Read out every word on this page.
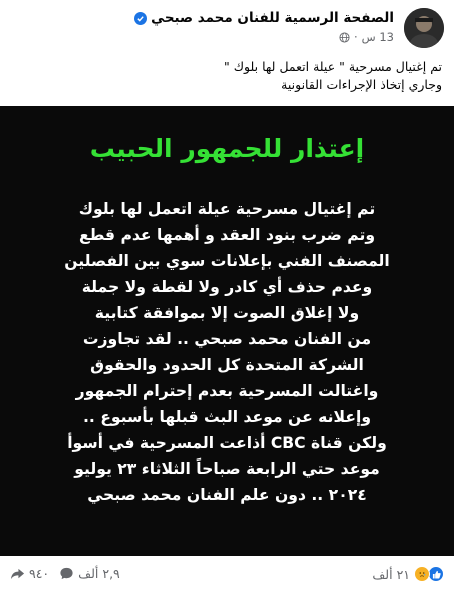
الصفحة الرسمية للفنان محمد صبحي
13 س
·

تم إغتيال مسرحية " عيلة اتعمل لها بلوك "

وجاري إتخاذ الإجراءات القانونية

إعتذار للجمهور الحبيب
تم إغتيال مسرحية عيلة اتعمل لها بلوك
وتم ضرب بنود العقد و أهمها عدم قطع
المصنف الفني بإعلانات سوي بين الفصلين
وعدم حذف أي كادر ولا لقطة ولا جملة
ولا إغلاق الصوت إلا بموافقة كتابية
من الفنان محمد صبحي .. لقد تجاوزت
الشركة المتحدة كل الحدود والحقوق
واغتالت المسرحية بعدم إحترام الجمهور
وإعلانه عن موعد البث قبلها بأسبوع ..
ولكن قناة CBC أذاعت المسرحية في أسوأ
موعد حتي الرابعة صباحاً الثلاثاء ٢٣ يوليو
٢٠٢٤ .. دون علم الفنان محمد صبحي
٢١ ألف
٩٤٠ ٢,٩ ألف
